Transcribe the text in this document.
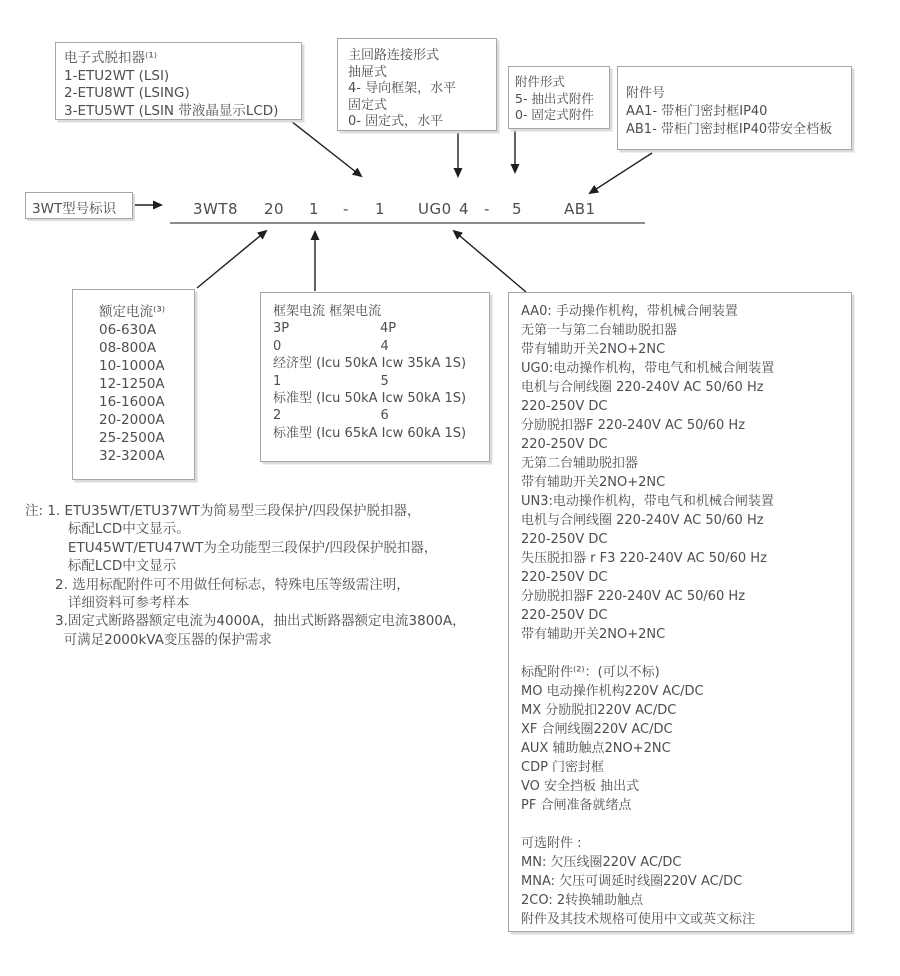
电子式脱扣器⁽¹⁾
1-ETU2WT (LSI)
2-ETU8WT (LSING)
3-ETU5WT (LSIN 带液晶显示LCD)
主回路连接形式
抽屉式
4- 导向框架，水平
固定式
0- 固定式，水平
附件形式
5- 抽出式附件
0- 固定式附件
附件号
AA1- 带柜门密封框IP40
AB1- 带柜门密封框IP40带安全档板
3WT型号标识	3WT8 20 1 - 1 UG0 4 - 5	AB1
额定电流⁽³⁾
06-630A
08-800A
10-1000A
12-1250A
16-1600A
20-2000A
25-2500A
32-3200A
框架电流 框架电流
3P                      4P
0                        4
经济型 (Icu 50kA Icw 35kA 1S)
1                        5
标准型 (Icu 50kA Icw 50kA 1S)
2                        6
标准型 (Icu 65kA Icw 60kA 1S)
AA0: 手动操作机构，带机械合闸装置
无第一与第二台辅助脱扣器
带有辅助开关2NO+2NC
UG0:电动操作机构，带电气和机械合闸装置
电机与合闸线圈 220-240V AC 50/60 Hz
220-250V DC
分励脱扣器F 220-240V AC 50/60 Hz
220-250V DC
无第二台辅助脱扣器
带有辅助开关2NO+2NC
UN3:电动操作机构，带电气和机械合闸装置
电机与合闸线圈 220-240V AC 50/60 Hz
220-250V DC
失压脱扣器 r F3 220-240V AC 50/60 Hz
220-250V DC
分励脱扣器F 220-240V AC 50/60 Hz
220-250V DC
带有辅助开关2NO+2NC
标配附件⁽²⁾：(可以不标)
MO 电动操作机构220V AC/DC
MX 分励脱扣220V AC/DC
XF 合闸线圈220V AC/DC
AUX 辅助触点2NO+2NC
CDP 门密封框
VO 安全挡板 抽出式
PF 合闸准备就绪点
可选附件 :
MN: 欠压线圈220V AC/DC
MNA: 欠压可调延时线圈220V AC/DC
2CO: 2转换辅助触点
附件及其技术规格可使用中文或英文标注
注: 1. ETU35WT/ETU37WT为简易型三段保护/四段保护脱扣器，
标配LCD中文显示。
ETU45WT/ETU47WT为全功能型三段保护/四段保护脱扣器，
标配LCD中文显示
2. 选用标配附件可不用做任何标志，特殊电压等级需注明，
详细资料可参考样本
3.固定式断路器额定电流为4000A，抽出式断路器额定电流3800A，
可满足2000kVA变压器的保护需求
